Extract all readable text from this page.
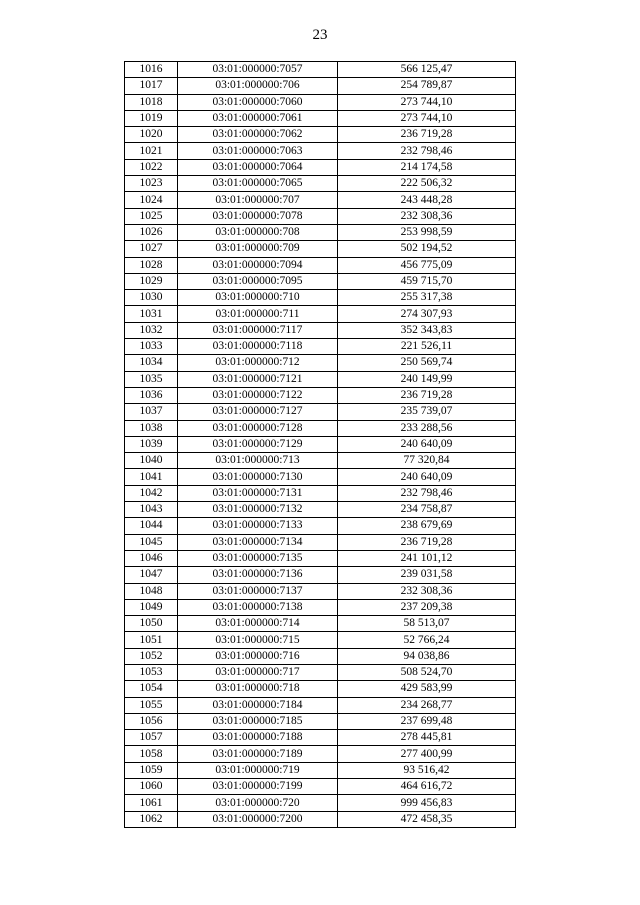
23
1016	03:01:000000:7057	566 125,47
1017	03:01:000000:706	254 789,87
1018	03:01:000000:7060	273 744,10
1019	03:01:000000:7061	273 744,10
1020	03:01:000000:7062	236 719,28
1021	03:01:000000:7063	232 798,46
1022	03:01:000000:7064	214 174,58
1023	03:01:000000:7065	222 506,32
1024	03:01:000000:707	243 448,28
1025	03:01:000000:7078	232 308,36
1026	03:01:000000:708	253 998,59
1027	03:01:000000:709	502 194,52
1028	03:01:000000:7094	456 775,09
1029	03:01:000000:7095	459 715,70
1030	03:01:000000:710	255 317,38
1031	03:01:000000:711	274 307,93
1032	03:01:000000:7117	352 343,83
1033	03:01:000000:7118	221 526,11
1034	03:01:000000:712	250 569,74
1035	03:01:000000:7121	240 149,99
1036	03:01:000000:7122	236 719,28
1037	03:01:000000:7127	235 739,07
1038	03:01:000000:7128	233 288,56
1039	03:01:000000:7129	240 640,09
1040	03:01:000000:713	77 320,84
1041	03:01:000000:7130	240 640,09
1042	03:01:000000:7131	232 798,46
1043	03:01:000000:7132	234 758,87
1044	03:01:000000:7133	238 679,69
1045	03:01:000000:7134	236 719,28
1046	03:01:000000:7135	241 101,12
1047	03:01:000000:7136	239 031,58
1048	03:01:000000:7137	232 308,36
1049	03:01:000000:7138	237 209,38
1050	03:01:000000:714	58 513,07
1051	03:01:000000:715	52 766,24
1052	03:01:000000:716	94 038,86
1053	03:01:000000:717	508 524,70
1054	03:01:000000:718	429 583,99
1055	03:01:000000:7184	234 268,77
1056	03:01:000000:7185	237 699,48
1057	03:01:000000:7188	278 445,81
1058	03:01:000000:7189	277 400,99
1059	03:01:000000:719	93 516,42
1060	03:01:000000:7199	464 616,72
1061	03:01:000000:720	999 456,83
1062	03:01:000000:7200	472 458,35
